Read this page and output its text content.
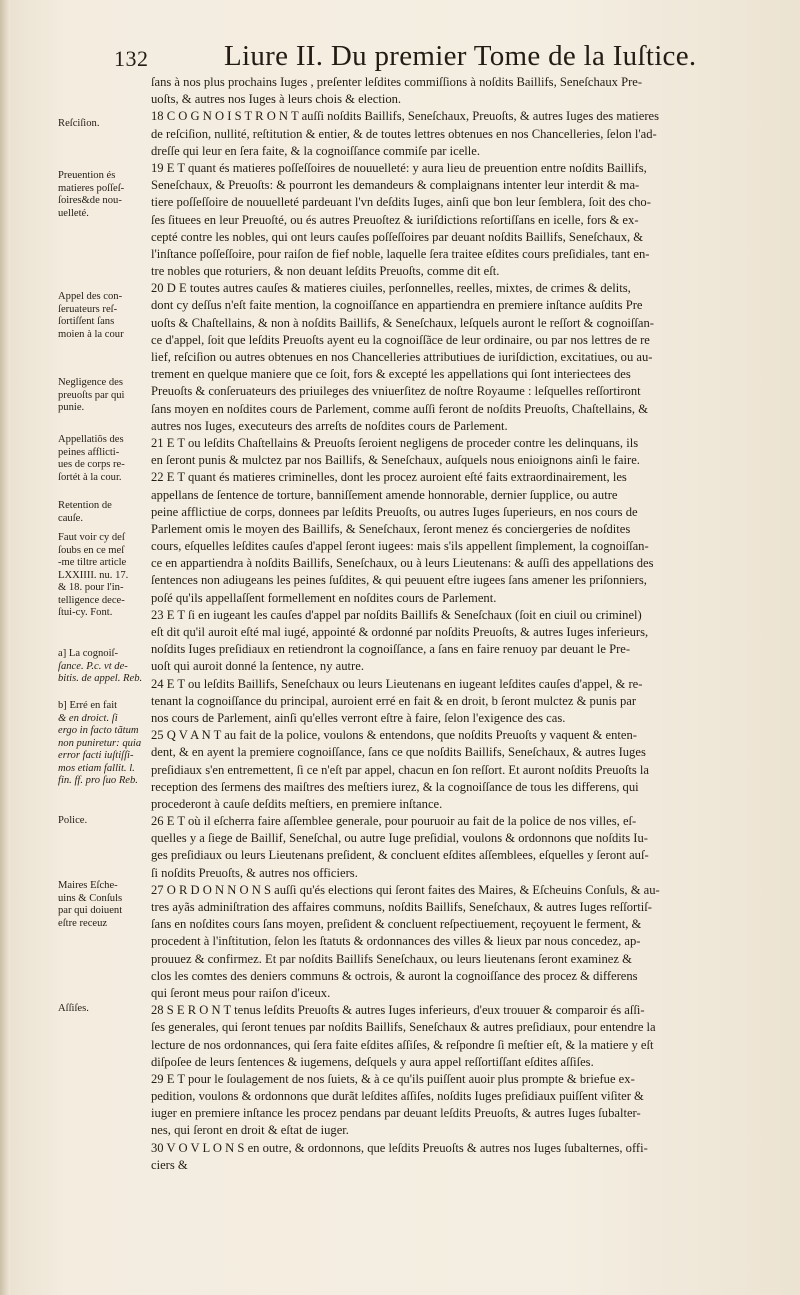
132	Liure II. Du premier Tome de la Iuſtice.
Reſciſion.
Preuention és
matieres poſſeſ-
ſoires&de nou-
uelleté.
Appel des con-
ſeruateurs reſ-
ſortiſſent ſans
moien à la cour
Negligence des
preuoſts par qui
punie.
Appellatiõs des
peines afflicti-
ues de corps re-
ſortét à la cour.
Retention de
cauſe.
Faut voir cy deſ
ſoubs en ce meſ
-me tiltre article
LXXIIII. nu. 17.
& 18. pour l'in-
telligence dece-
ſtui-cy. Font.
a] La cognoiſ-
ſance. P.c. vt de-
bitis. de appel. Reb.
b] Erré en fait
& en droict. ſi
ergo in facto tãtum
non puniretur: quia
error facti iuſtiſſi-
mos etiam fallit. l.
fin. ff. pro ſuo Reb.
Police.
Maires Eſche-
uins & Conſuls
par qui doiuent
eſtre receuz
Aſſiſes.
ſans à nos plus prochains Iuges , preſenter leſdites commiſſions à noſdits Baillifs, Seneſchaux Pre-
uoſts, & autres nos Iuges à leurs chois & election.
18 C O G N O I S T R O N T auſſi noſdits Baillifs, Seneſchaux, Preuoſts, & autres Iuges des matieres
de reſciſion, nullité, reſtitution & entier, & de toutes lettres obtenues en nos Chancelleries, ſelon l'ad-
dreſſe qui leur en ſera faite, & la cognoiſſance commiſe par icelle.
19 E T quant és matieres poſſeſſoires de nouuelleté: y aura lieu de preuention entre noſdits Baillifs,
Seneſchaux, & Preuoſts: & pourront les demandeurs & complaignans intenter leur interdit & ma-
tiere poſſeſſoire de nouuelleté pardeuant l'vn deſdits Iuges, ainſi que bon leur ſemblera, ſoit des cho-
ſes ſituees en leur Preuoſté, ou és autres Preuoſtez & iuriſdictions reſortiſſans en icelle, fors & ex-
cepté contre les nobles, qui ont leurs cauſes poſſeſſoires par deuant noſdits Baillifs, Seneſchaux, &
l'inſtance poſſeſſoire, pour raiſon de fief noble, laquelle ſera traitee eſdites cours preſidiales, tant en-
tre nobles que roturiers, & non deuant leſdits Preuoſts, comme dit eſt.
20 D E toutes autres cauſes & matieres ciuiles, perſonnelles, reelles, mixtes, de crimes & delits,
dont cy deſſus n'eſt faite mention, la cognoiſſance en appartiendra en premiere inſtance auſdits Pre
uoſts & Chaſtellains, & non à noſdits Baillifs, & Seneſchaux, leſquels auront le reſſort & cognoiſſan-
ce d'appel, ſoit que leſdits Preuoſts ayent eu la cognoiſſãce de leur ordinaire, ou par nos lettres de re
lief, reſciſion ou autres obtenues en nos Chancelleries attributiues de iuriſdiction, excitatiues, ou au-
trement en quelque maniere que ce ſoit, fors & excepté les appellations qui ſont interiectees des
Preuoſts & conſeruateurs des priuileges des vniuerſitez de noſtre Royaume : leſquelles reſſortiront
ſans moyen en noſdites cours de Parlement, comme auſſi feront de noſdits Preuoſts, Chaſtellains, &
autres nos Iuges, executeurs des arreſts de noſdites cours de Parlement.
21 E T ou leſdits Chaſtellains & Preuoſts ſeroient negligens de proceder contre les delinquans, ils
en ſeront punis & mulctez par nos Baillifs, & Seneſchaux, auſquels nous enioignons ainſi le faire.
22 E T quant és matieres criminelles, dont les procez auroient eſté faits extraordinairement, les
appellans de ſentence de torture, banniſſement amende honnorable, dernier ſupplice, ou autre
peine afflictiue de corps, donnees par leſdits Preuoſts, ou autres Iuges ſuperieurs, en nos cours de
Parlement omis le moyen des Baillifs, & Seneſchaux, ſeront menez és conciergeries de noſdites
cours, eſquelles leſdites cauſes d'appel ſeront iugees: mais s'ils appellent ſimplement, la cognoiſſan-
ce en appartiendra à noſdits Baillifs, Seneſchaux, ou à leurs Lieutenans: & auſſi des appellations des
ſentences non adiugeans les peines ſuſdites, & qui peuuent eſtre iugees ſans amener les priſonniers,
poſé qu'ils appellaſſent formellement en noſdites cours de Parlement.
23 E T ſi en iugeant les cauſes d'appel par noſdits Baillifs & Seneſchaux (ſoit en ciuil ou criminel)
eſt dit qu'il auroit eſté mal iugé, appointé & ordonné par noſdits Preuoſts, & autres Iuges inferieurs,
noſdits Iuges preſidiaux en retiendront la cognoiſſance, a ſans en faire renuoy par deuant le Pre-
uoſt qui auroit donné la ſentence, ny autre.
24 E T ou leſdits Baillifs, Seneſchaux ou leurs Lieutenans en iugeant leſdites cauſes d'appel, & re-
tenant la cognoiſſance du principal, auroient erré en fait & en droit, b ſeront mulctez & punis par
nos cours de Parlement, ainſi qu'elles verront eſtre à faire, ſelon l'exigence des cas.
25 Q V A N T au fait de la police, voulons & entendons, que noſdits Preuoſts y vaquent & enten-
dent, & en ayent la premiere cognoiſſance, ſans ce que noſdits Baillifs, Seneſchaux, & autres Iuges
preſidiaux s'en entremettent, ſi ce n'eſt par appel, chacun en ſon reſſort. Et auront noſdits Preuoſts la
reception des ſermens des maiſtres des meſtiers iurez, & la cognoiſſance de tous les differens, qui
procederont à cauſe deſdits meſtiers, en premiere inſtance.
26 E T où il eſcherra faire aſſemblee generale, pour pouruoir au fait de la police de nos villes, eſ-
quelles y a ſiege de Baillif, Seneſchal, ou autre Iuge preſidial, voulons & ordonnons que noſdits Iu-
ges preſidiaux ou leurs Lieutenans preſident, & concluent eſdites aſſemblees, eſquelles y ſeront auſ-
ſi noſdits Preuoſts, & autres nos officiers.
27 O R D O N N O N S auſſi qu'és elections qui ſeront faites des Maires, & Eſcheuins Conſuls, & au-
tres ayãs adminiſtration des affaires communs, noſdits Baillifs, Seneſchaux, & autres Iuges reſſortiſ-
ſans en noſdites cours ſans moyen, preſident & concluent reſpectiuement, reçoyuent le ferment, &
procedent à l'inſtitution, ſelon les ſtatuts & ordonnances des villes & lieux par nous concedez, ap-
prouuez & confirmez. Et par noſdits Baillifs Seneſchaux, ou leurs lieutenans ſeront examinez &
clos les comtes des deniers communs & octrois, & auront la cognoiſſance des procez & differens
qui ſeront meus pour raiſon d'iceux.
28 S E R O N T tenus leſdits Preuoſts & autres Iuges inferieurs, d'eux trouuer & comparoir és aſſi-
ſes generales, qui ſeront tenues par noſdits Baillifs, Seneſchaux & autres preſidiaux, pour entendre la
lecture de nos ordonnances, qui ſera faite eſdites aſſiſes, & reſpondre ſi meſtier eſt, & la matiere y eſt
diſpoſee de leurs ſentences & iugemens, deſquels y aura appel reſſortiſſant eſdites aſſiſes.
29 E T pour le ſoulagement de nos ſuiets, & à ce qu'ils puiſſent auoir plus prompte & briefue ex-
pedition, voulons & ordonnons que durãt leſdites aſſiſes, noſdits Iuges preſidiaux puiſſent viſiter &
iuger en premiere inſtance les procez pendans par deuant leſdits Preuoſts, & autres Iuges ſubalter-
nes, qui ſeront en droit & eſtat de iuger.
30 V O V L O N S en outre, & ordonnons, que leſdits Preuoſts & autres nos Iuges ſubalternes, offi-
ciers &
